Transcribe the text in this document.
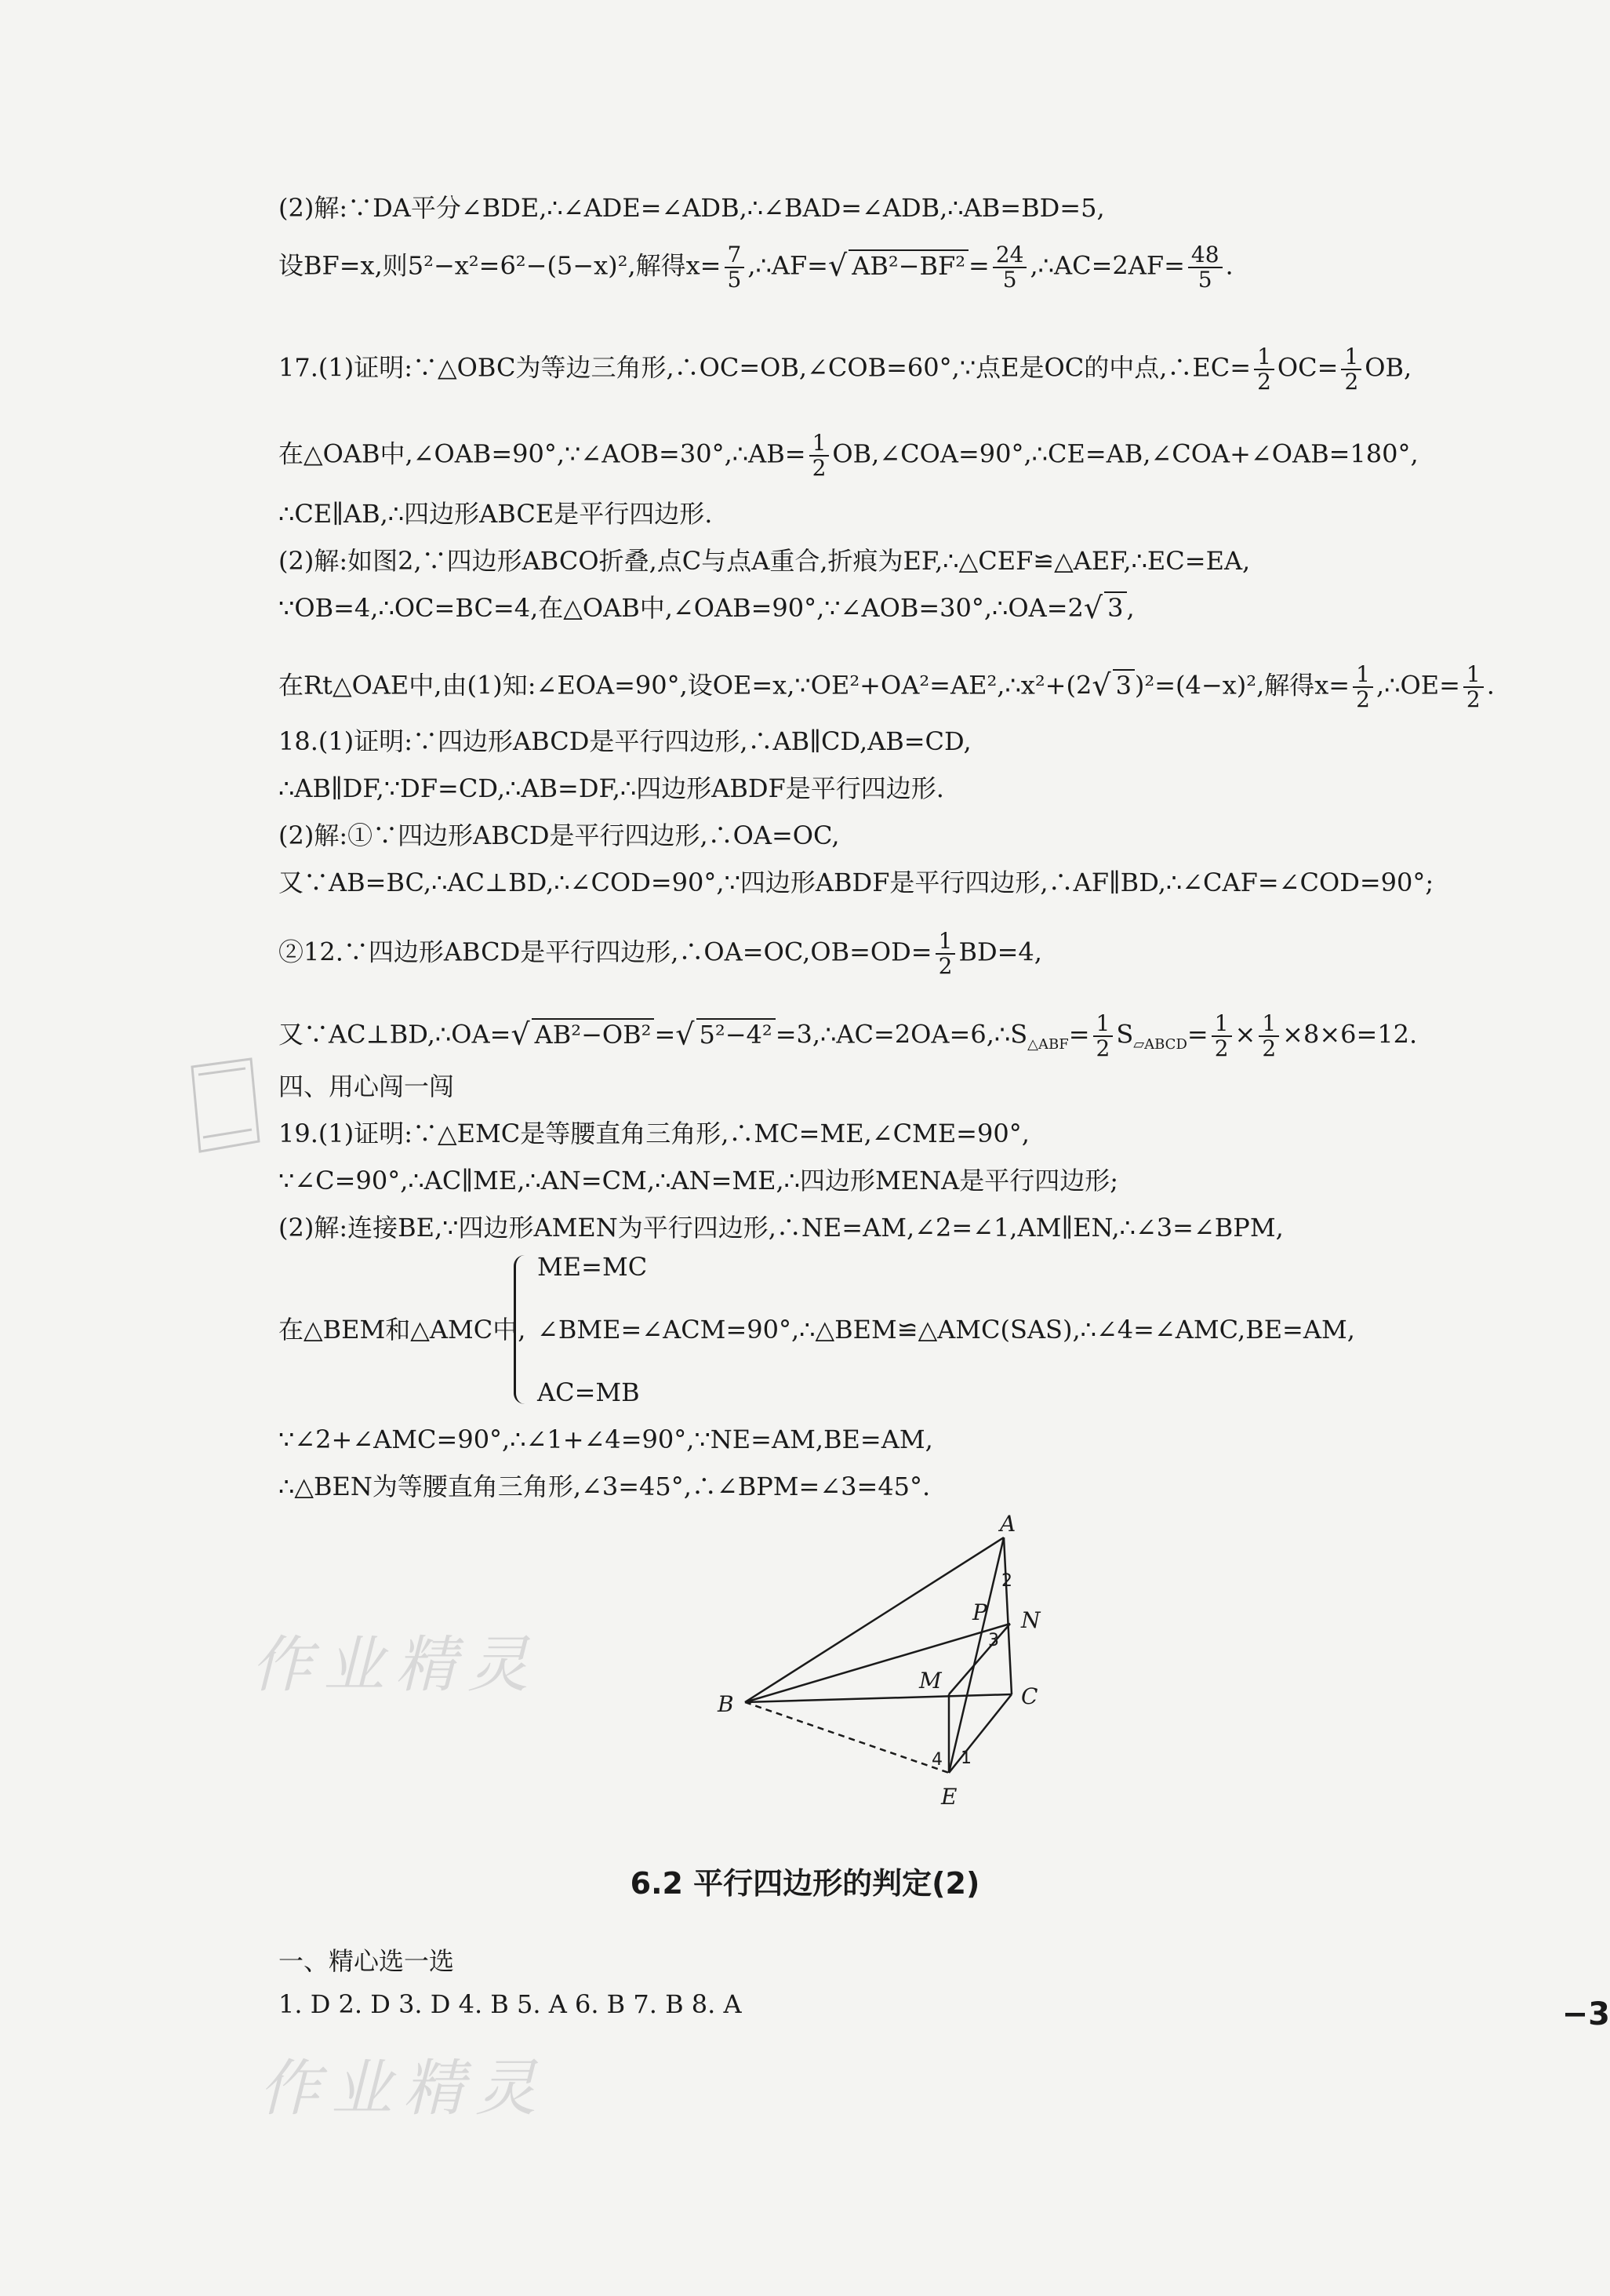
(2)解:∵DA平分∠BDE,∴∠ADE=∠ADB,∴∠BAD=∠ADB,∴AB=BD=5,
设BF=x,则5²−x²=6²−(5−x)²,解得$x= \frac{7}{5}$ ,∴AF=√ $AB^2-BF^2 = \frac{24}{5}$ ,∴AC=2AF= $\frac{48}{5}$ .
17.(1)证明:∵△OBC为等边三角形,∴OC=OB,∠COB=60°,∵点E是OC的中点,∴EC= $\frac{1}{2} OC= \frac{1}{2}$ OB,
在△OAB中,∠OAB=90°,∵∠AOB=30°,∴AB= $\frac{1}{2}$ OB,∠COA=90°,∴CE=AB,∠COA+∠OAB=180°,
∴CE∥AB,∴四边形ABCE是平行四边形.
(2)解:如图2,∵四边形ABCO折叠,点C与点A重合,折痕为EF,∴△CEF≌△AEF,∴EC=EA,
∵OB=4,∴OC=BC=4,在△OAB中,∠OAB=90°,∵∠AOB=30°,∴OA=2√ 3 ,
在Rt△OAE中,由(1)知:∠EOA=90°,设OE=x,∵OE²+OA²=AE²,∴x²+(2√ 3 )²=(4−x)²,解得$x= \frac{1}{2}$ ,∴OE= $\frac{1}{2}$ .
18.(1)证明:∵四边形ABCD是平行四边形,∴AB∥CD,AB=CD,
∴AB∥DF,∵DF=CD,∴AB=DF,∴四边形ABDF是平行四边形.
(2)解:①∵四边形ABCD是平行四边形,∴OA=OC,
又∵AB=BC,∴AC⊥BD,∴∠COD=90°,∵四边形ABDF是平行四边形,∴AF∥BD,∴∠CAF=∠COD=90°;
②12.∵四边形ABCD是平行四边形,∴OA=OC,OB=OD= $\frac{1}{2} BD=4$,
又∵AC⊥BD,∴OA=√ AB²−OB² =√ $5^2-4^2 =3,\therefore AC=2OA=6,\therefore S_{\triangle ABF}= \frac{1}{2} S_{▱ABCD}= \frac{1}{2} \times \frac{1}{2} \times 8\times 6=12$.
四、用心闯一闯
19.(1)证明:∵△EMC是等腰直角三角形,∴MC=ME,∠CME=90°,
∵∠C=90°,∴AC∥ME,∴AN=CM,∴AN=ME,∴四边形MENA是平行四边形;
(2)解:连接BE,∵四边形AMEN为平行四边形,∴NE=AM,∠2=∠1,AM∥EN,∴∠3=∠BPM,
在△BEM和△AMC中,
ME=MC
∠BME=∠ACM=90°,∴△BEM≌△AMC(SAS),∴∠4=∠AMC,BE=AM,
AC=MB
∵∠2+∠AMC=90°,∴∠1+∠4=90°,∵NE=AM,BE=AM,
∴△BEN为等腰直角三角形,∠3=45°,∴∠BPM=∠3=45°.
A
B	C
E
M
N
P
1
2
3
4
6.2 平行四边形的判定(2)
一、精心选一选
1. D 2. D 3. D 4. B 5. A 6. B 7. B 8. A
作业精灵
作业精灵
−3
